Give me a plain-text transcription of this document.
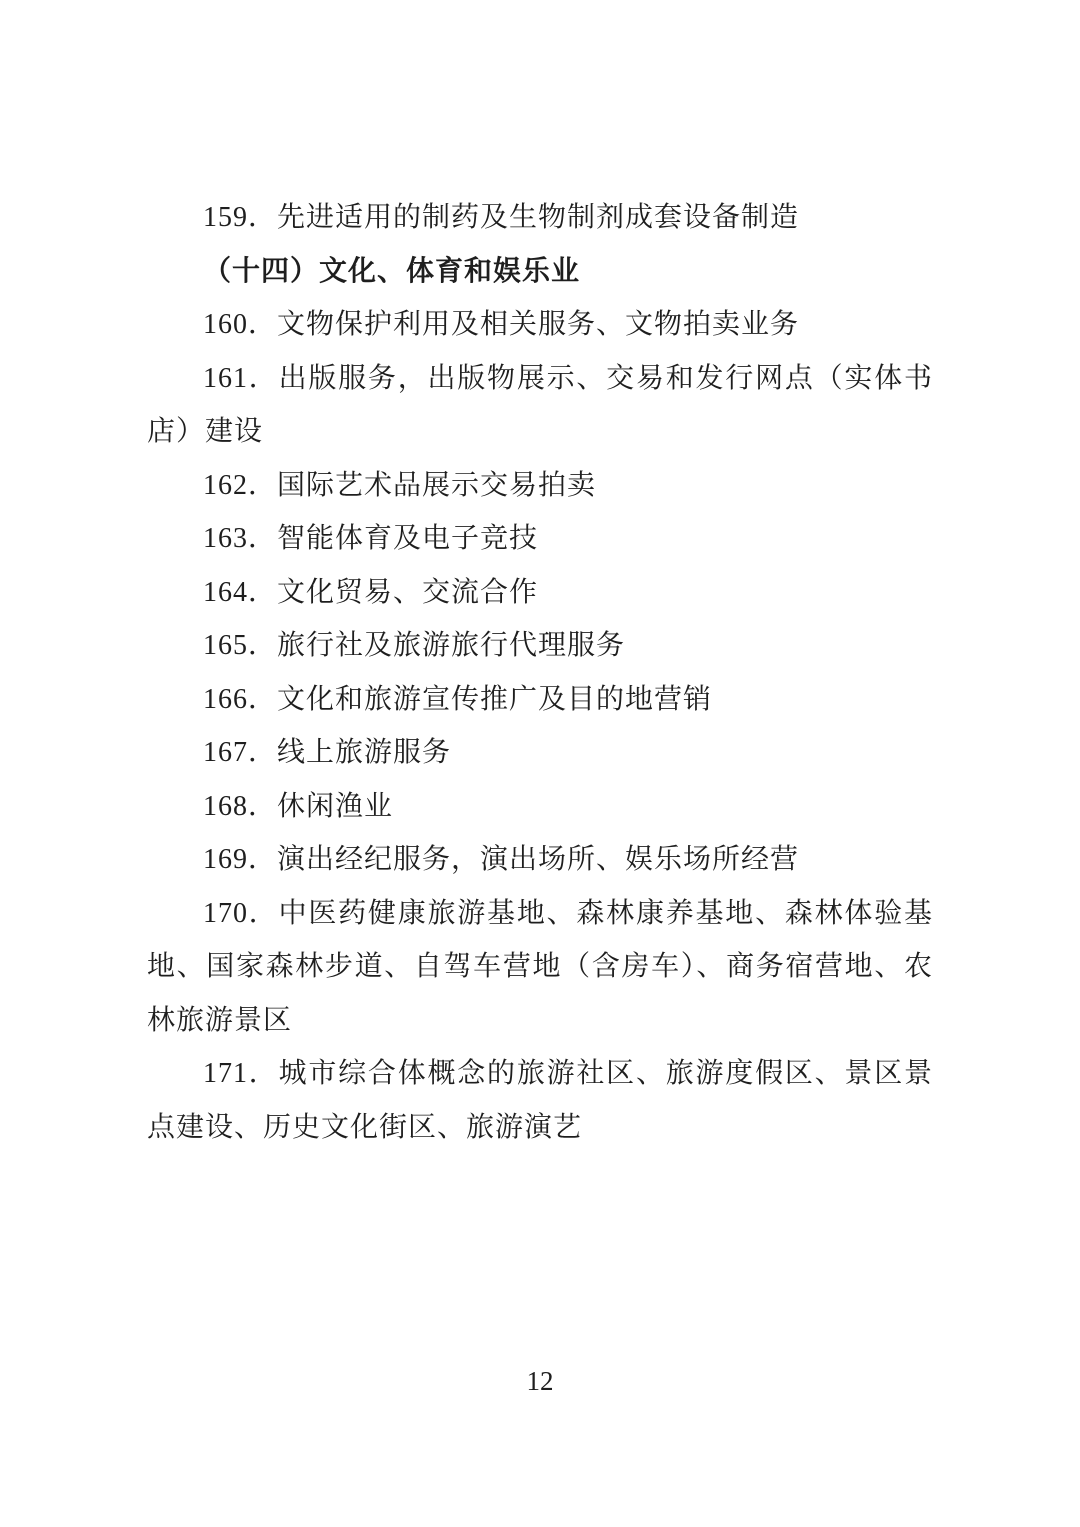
159．先进适用的制药及生物制剂成套设备制造

（十四）文化、体育和娱乐业

160．文物保护利用及相关服务、文物拍卖业务

161．出版服务，出版物展示、交易和发行网点（实体书店）建设

162．国际艺术品展示交易拍卖

163．智能体育及电子竞技

164．文化贸易、交流合作

165．旅行社及旅游旅行代理服务

166．文化和旅游宣传推广及目的地营销

167．线上旅游服务

168．休闲渔业

169．演出经纪服务，演出场所、娱乐场所经营

170．中医药健康旅游基地、森林康养基地、森林体验基地、国家森林步道、自驾车营地（含房车）、商务宿营地、农林旅游景区

171．城市综合体概念的旅游社区、旅游度假区、景区景点建设、历史文化街区、旅游演艺

12
